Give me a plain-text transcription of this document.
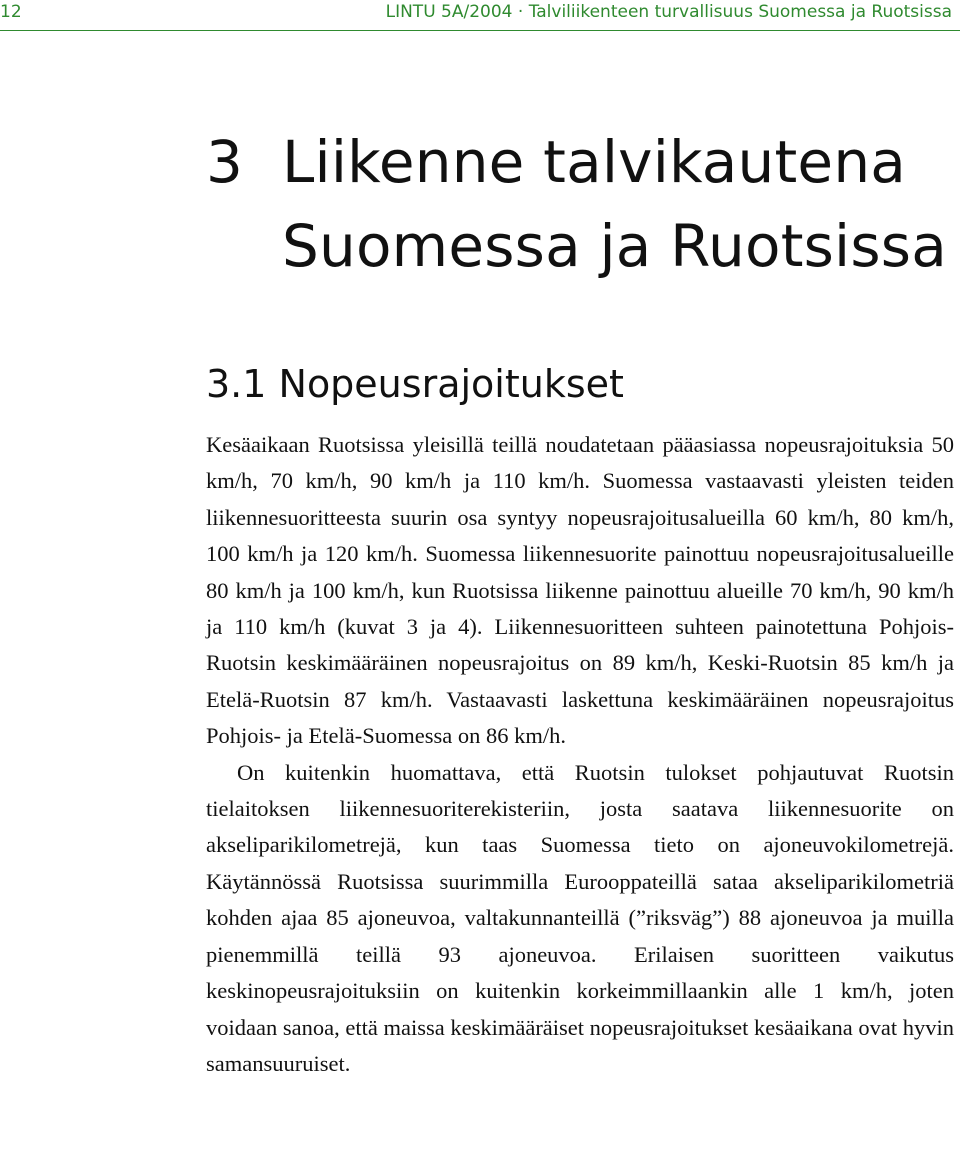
12	LINTU 5A/2004 · Talviliikenteen turvallisuus Suomessa ja Ruotsissa
3 Liikenne talvikautena
Suomessa ja Ruotsissa
3.1 Nopeusrajoitukset

Kesäaikaan Ruotsissa yleisillä teillä noudatetaan pääasiassa nopeusrajoituksia 50 km/h, 70 km/h, 90 km/h ja 110 km/h. Suomessa vastaavasti yleisten teiden liikennesuoritteesta suurin osa syntyy nopeusrajoitusalueilla 60 km/h, 80 km/h, 100 km/h ja 120 km/h. Suomessa liikennesuorite painottuu nopeusrajoitusalueille 80 km/h ja 100 km/h, kun Ruotsissa liikenne painottuu alueille 70 km/h, 90 km/h ja 110 km/h (kuvat 3 ja 4). Liikennesuoritteen suhteen painotettuna Pohjois-Ruotsin keskimääräinen nopeusrajoitus on 89 km/h, Keski-Ruotsin 85 km/h ja Etelä-Ruotsin 87 km/h. Vastaavasti laskettuna keskimääräinen nopeusrajoitus Pohjois- ja Etelä-Suomessa on 86 km/h.

On kuitenkin huomattava, että Ruotsin tulokset pohjautuvat Ruotsin tielaitoksen liikennesuoriterekisteriin, josta saatava liikennesuorite on akseliparikilometrejä, kun taas Suomessa tieto on ajoneuvokilometrejä. Käytännössä Ruotsissa suurimmilla Eurooppateillä sataa akseliparikilometriä kohden ajaa 85 ajoneuvoa, valtakunnanteillä (”riksväg”) 88 ajoneuvoa ja muilla pienemmillä teillä 93 ajoneuvoa. Erilaisen suoritteen vaikutus keskinopeusrajoituksiin on kuitenkin korkeimmillaankin alle 1 km/h, joten voidaan sanoa, että maissa keskimääräiset nopeusrajoitukset kesäaikana ovat hyvin samansuuruiset.
